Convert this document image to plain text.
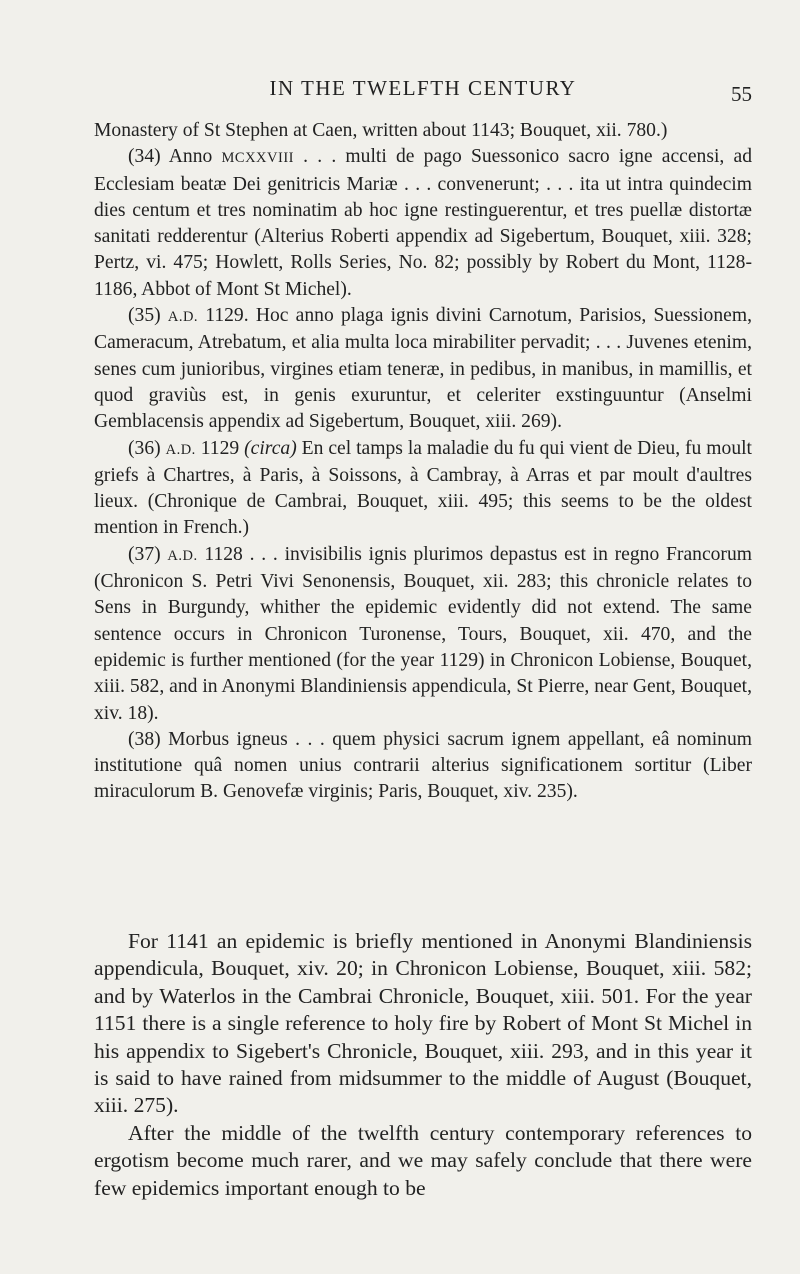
IN THE TWELFTH CENTURY	55

Monastery of St Stephen at Caen, written about 1143; Bouquet, xii. 780.)

(34) Anno MCXXVIII . . . multi de pago Suessonico sacro igne accensi, ad Ecclesiam beatæ Dei genitricis Mariæ . . . convenerunt; . . . ita ut intra quindecim dies centum et tres nominatim ab hoc igne restinguerentur, et tres puellæ distortæ sanitati redderentur (Alterius Roberti appendix ad Sigebertum, Bouquet, xiii. 328; Pertz, vi. 475; Howlett, Rolls Series, No. 82; possibly by Robert du Mont, 1128-1186, Abbot of Mont St Michel).

(35) A.D. 1129. Hoc anno plaga ignis divini Carnotum, Parisios, Suessionem, Cameracum, Atrebatum, et alia multa loca mirabiliter pervadit; . . . Juvenes etenim, senes cum junioribus, virgines etiam teneræ, in pedibus, in manibus, in mamillis, et quod graviùs est, in genis exuruntur, et celeriter exstinguuntur (Anselmi Gemblacensis appendix ad Sigebertum, Bouquet, xiii. 269).

(36) A.D. 1129 (circa) En cel tamps la maladie du fu qui vient de Dieu, fu moult griefs à Chartres, à Paris, à Soissons, à Cambray, à Arras et par moult d'aultres lieux. (Chronique de Cambrai, Bouquet, xiii. 495; this seems to be the oldest mention in French.)

(37) A.D. 1128 . . . invisibilis ignis plurimos depastus est in regno Francorum (Chronicon S. Petri Vivi Senonensis, Bouquet, xii. 283; this chronicle relates to Sens in Burgundy, whither the epidemic evidently did not extend. The same sentence occurs in Chronicon Turonense, Tours, Bouquet, xii. 470, and the epidemic is further mentioned (for the year 1129) in Chronicon Lobiense, Bouquet, xiii. 582, and in Anonymi Blandiniensis appendicula, St Pierre, near Gent, Bouquet, xiv. 18).

(38) Morbus igneus . . . quem physici sacrum ignem appellant, eâ nominum institutione quâ nomen unius contrarii alterius significationem sortitur (Liber miraculorum B. Genovefæ virginis; Paris, Bouquet, xiv. 235).

For 1141 an epidemic is briefly mentioned in Anonymi Blandiniensis appendicula, Bouquet, xiv. 20; in Chronicon Lobiense, Bouquet, xiii. 582; and by Waterlos in the Cambrai Chronicle, Bouquet, xiii. 501. For the year 1151 there is a single reference to holy fire by Robert of Mont St Michel in his appendix to Sigebert's Chronicle, Bouquet, xiii. 293, and in this year it is said to have rained from midsummer to the middle of August (Bouquet, xiii. 275).

After the middle of the twelfth century contemporary references to ergotism become much rarer, and we may safely conclude that there were few epidemics important enough to be
